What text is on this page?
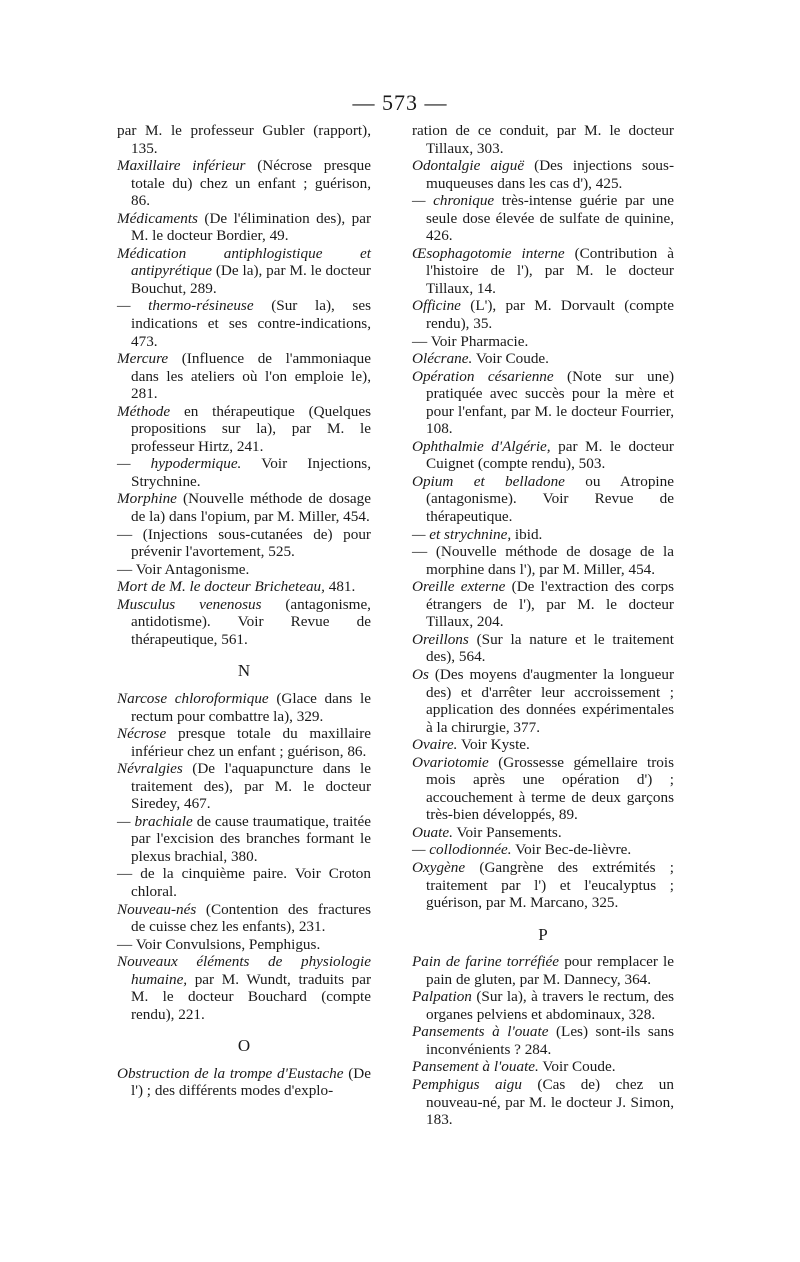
— 573 —
par M. le professeur Gubler (rapport), 135.
Maxillaire inférieur (Nécrose presque totale du) chez un enfant ; guérison, 86.
Médicaments (De l'élimination des), par M. le docteur Bordier, 49.
Médication antiphlogistique et antipyrétique (De la), par M. le docteur Bouchut, 289.
— thermo-résineuse (Sur la), ses indications et ses contre-indications, 473.
Mercure (Influence de l'ammoniaque dans les ateliers où l'on emploie le), 281.
Méthode en thérapeutique (Quelques propositions sur la), par M. le professeur Hirtz, 241.
— hypodermique. Voir Injections, Strychnine.
Morphine (Nouvelle méthode de dosage de la) dans l'opium, par M. Miller, 454.
— (Injections sous-cutanées de) pour prévenir l'avortement, 525.
— Voir Antagonisme.
Mort de M. le docteur Bricheteau, 481.
Musculus venenosus (antagonisme, antidotisme). Voir Revue de thérapeutique, 561.
N
Narcose chloroformique (Glace dans le rectum pour combattre la), 329.
Nécrose presque totale du maxillaire inférieur chez un enfant ; guérison, 86.
Névralgies (De l'aquapuncture dans le traitement des), par M. le docteur Siredey, 467.
— brachiale de cause traumatique, traitée par l'excision des branches formant le plexus brachial, 380.
— de la cinquième paire. Voir Croton chloral.
Nouveau-nés (Contention des fractures de cuisse chez les enfants), 231.
— Voir Convulsions, Pemphigus.
Nouveaux éléments de physiologie humaine, par M. Wundt, traduits par M. le docteur Bouchard (compte rendu), 221.
O
Obstruction de la trompe d'Eustache (De l') ; des différents modes d'explo-
ration de ce conduit, par M. le docteur Tillaux, 303.
Odontalgie aiguë (Des injections sous-muqueuses dans les cas d'), 425.
— chronique très-intense guérie par une seule dose élevée de sulfate de quinine, 426.
Œsophagotomie interne (Contribution à l'histoire de l'), par M. le docteur Tillaux, 14.
Officine (L'), par M. Dorvault (compte rendu), 35.
— Voir Pharmacie.
Olécrane. Voir Coude.
Opération césarienne (Note sur une) pratiquée avec succès pour la mère et pour l'enfant, par M. le docteur Fourrier, 108.
Ophthalmie d'Algérie, par M. le docteur Cuignet (compte rendu), 503.
Opium et belladone ou Atropine (antagonisme). Voir Revue de thérapeutique.
— et strychnine, ibid.
— (Nouvelle méthode de dosage de la morphine dans l'), par M. Miller, 454.
Oreille externe (De l'extraction des corps étrangers de l'), par M. le docteur Tillaux, 204.
Oreillons (Sur la nature et le traitement des), 564.
Os (Des moyens d'augmenter la longueur des) et d'arrêter leur accroissement ; application des données expérimentales à la chirurgie, 377.
Ovaire. Voir Kyste.
Ovariotomie (Grossesse gémellaire trois mois après une opération d') ; accouchement à terme de deux garçons très-bien développés, 89.
Ouate. Voir Pansements.
— collodionnée. Voir Bec-de-lièvre.
Oxygène (Gangrène des extrémités ; traitement par l') et l'eucalyptus ; guérison, par M. Marcano, 325.
P
Pain de farine torréfiée pour remplacer le pain de gluten, par M. Dannecy, 364.
Palpation (Sur la), à travers le rectum, des organes pelviens et abdominaux, 328.
Pansements à l'ouate (Les) sont-ils sans inconvénients ? 284.
Pansement à l'ouate. Voir Coude.
Pemphigus aigu (Cas de) chez un nouveau-né, par M. le docteur J. Simon, 183.
